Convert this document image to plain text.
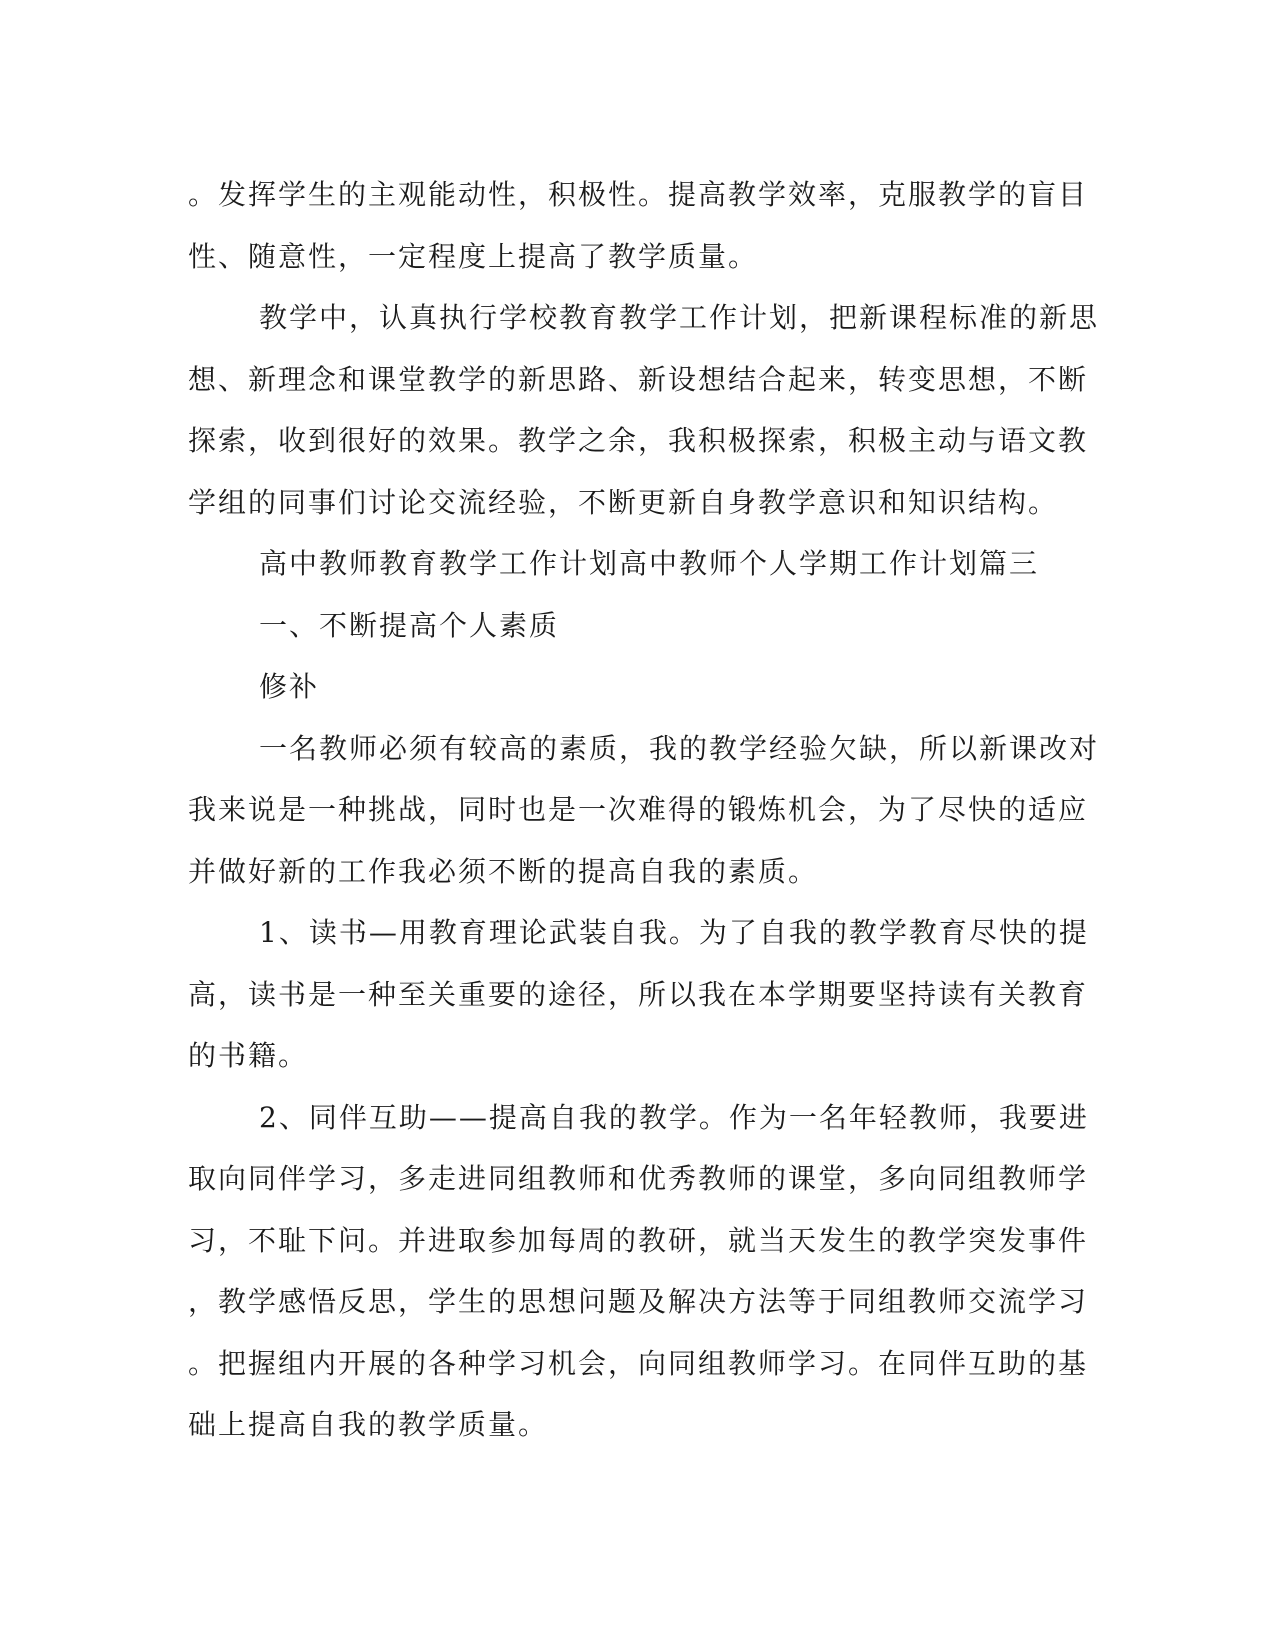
。发挥学生的主观能动性，积极性。提高教学效率，克服教学的盲目
性、随意性，一定程度上提高了教学质量。
教学中，认真执行学校教育教学工作计划，把新课程标准的新思
想、新理念和课堂教学的新思路、新设想结合起来，转变思想，不断
探索，收到很好的效果。教学之余，我积极探索，积极主动与语文教
学组的同事们讨论交流经验，不断更新自身教学意识和知识结构。
高中教师教育教学工作计划高中教师个人学期工作计划篇三
一、不断提高个人素质
修补
一名教师必须有较高的素质，我的教学经验欠缺，所以新课改对
我来说是一种挑战，同时也是一次难得的锻炼机会，为了尽快的适应
并做好新的工作我必须不断的提高自我的素质。
1、读书—用教育理论武装自我。为了自我的教学教育尽快的提
高，读书是一种至关重要的途径，所以我在本学期要坚持读有关教育
的书籍。
2、同伴互助——提高自我的教学。作为一名年轻教师，我要进
取向同伴学习，多走进同组教师和优秀教师的课堂，多向同组教师学
习，不耻下问。并进取参加每周的教研，就当天发生的教学突发事件
，教学感悟反思，学生的思想问题及解决方法等于同组教师交流学习
。把握组内开展的各种学习机会，向同组教师学习。在同伴互助的基
础上提高自我的教学质量。
